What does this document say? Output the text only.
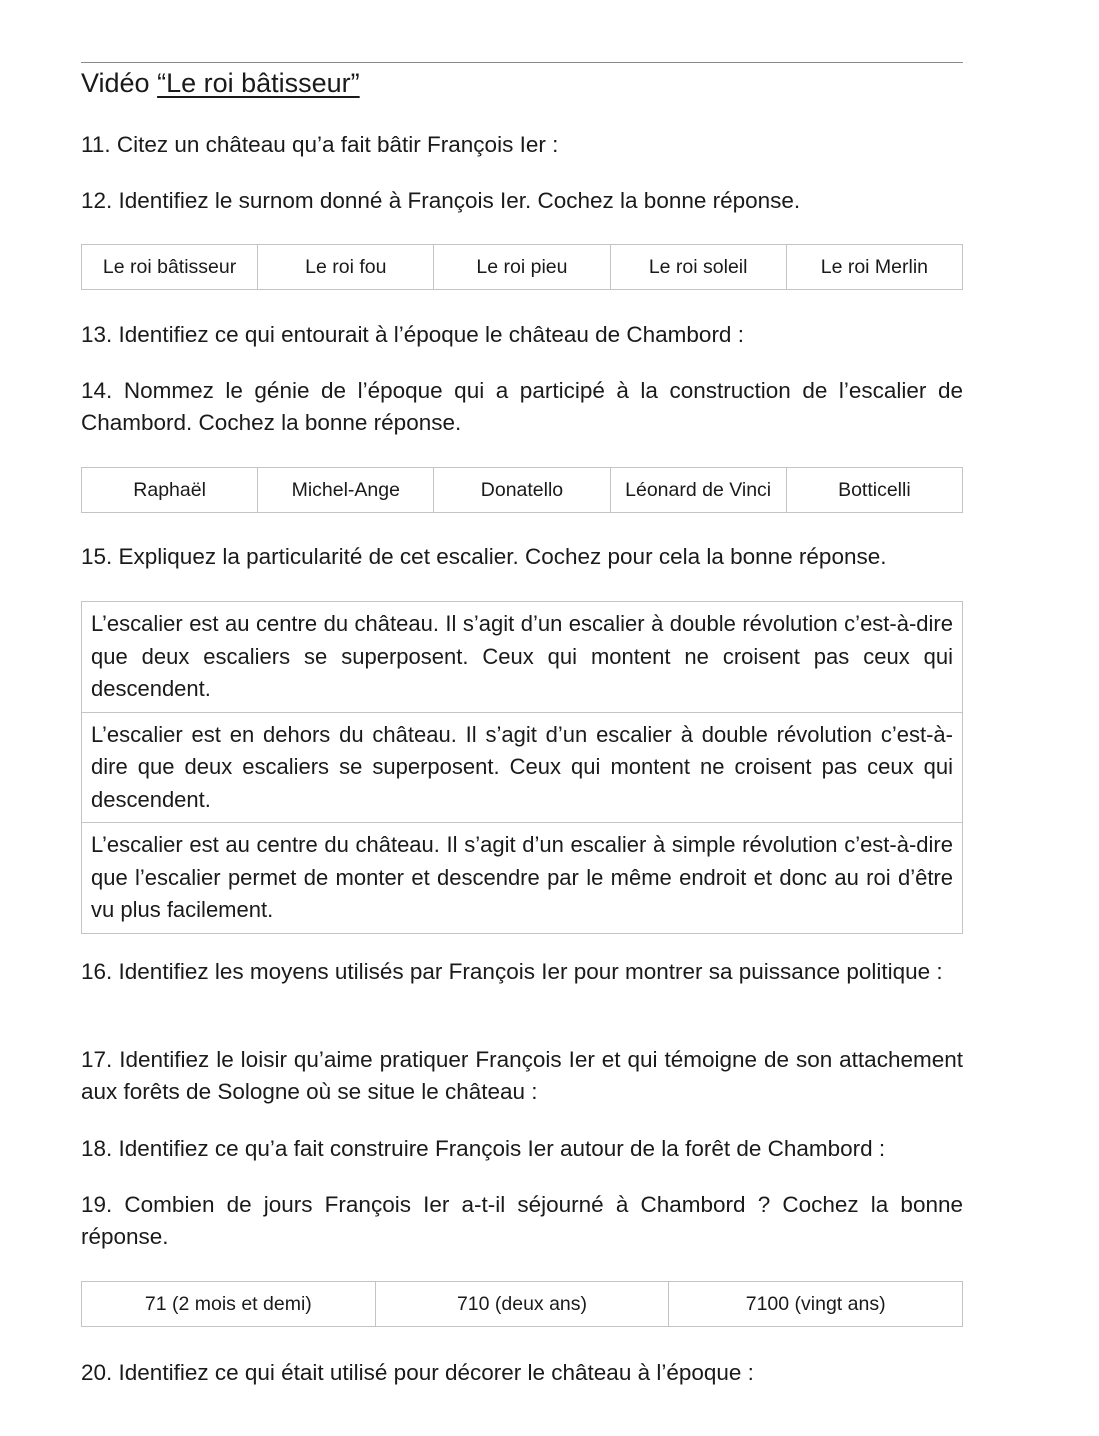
Vidéo “Le roi bâtisseur”
11. Citez un château qu’a fait bâtir François Ier :
12. Identifiez le surnom donné à François Ier. Cochez la bonne réponse.
Le roi bâtisseur	Le roi fou	Le roi pieu	Le roi soleil	Le roi Merlin
13. Identifiez ce qui entourait à l’époque le château de Chambord :
14. Nommez le génie de l’époque qui a participé à la construction de l’escalier de Chambord. Cochez la bonne réponse.
Raphaël	Michel-Ange	Donatello	Léonard de Vinci	Botticelli
15. Expliquez la particularité de cet escalier. Cochez pour cela la bonne réponse.
L’escalier est au centre du château. Il s’agit d’un escalier à double révolution c’est-à-dire que deux escaliers se superposent. Ceux qui montent ne croisent pas ceux qui descendent.
L’escalier est en dehors du château. Il s’agit d’un escalier à double révolution c’est-à-dire que deux escaliers se superposent. Ceux qui montent ne croisent pas ceux qui descendent.
L’escalier est au centre du château. Il s’agit d’un escalier à simple révolution c’est-à-dire que l’escalier permet de monter et descendre par le même endroit et donc au roi d’être vu plus facilement.
16. Identifiez les moyens utilisés par François Ier pour montrer sa puissance politique :
17. Identifiez le loisir qu’aime pratiquer François Ier et qui témoigne de son attachement aux forêts de Sologne où se situe le château :
18. Identifiez ce qu’a fait construire François Ier autour de la forêt de Chambord :
19. Combien de jours François Ier a-t-il séjourné à Chambord ? Cochez la bonne réponse.
71 (2 mois et demi)	710 (deux ans)	7100 (vingt ans)
20. Identifiez ce qui était utilisé pour décorer le château à l’époque :
